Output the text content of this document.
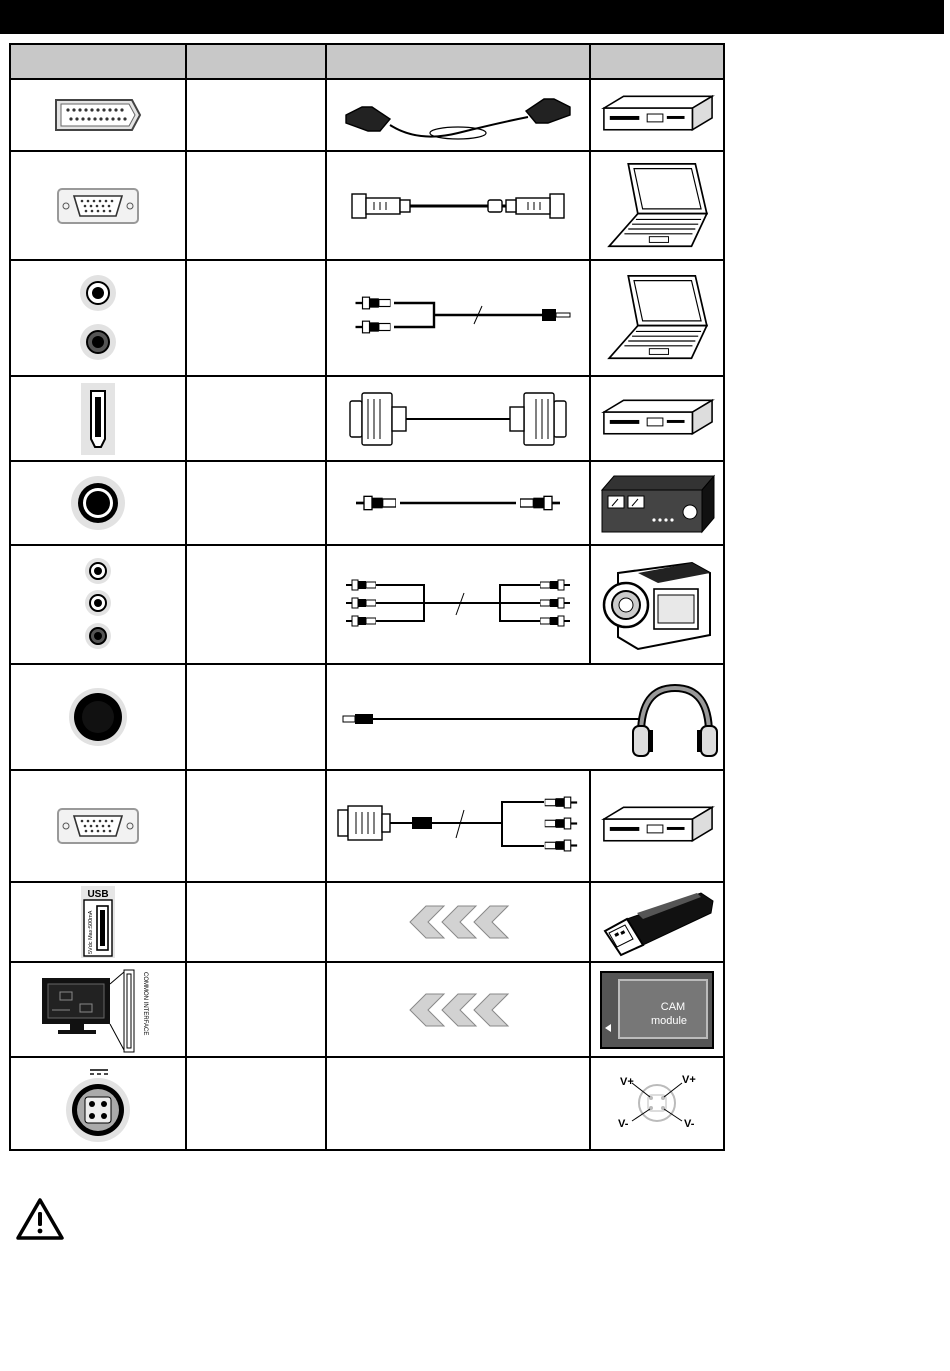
USB
5Vdc Max:500mA

COMMON INTERFACE			CAM
module

V+ V+
V- V-
